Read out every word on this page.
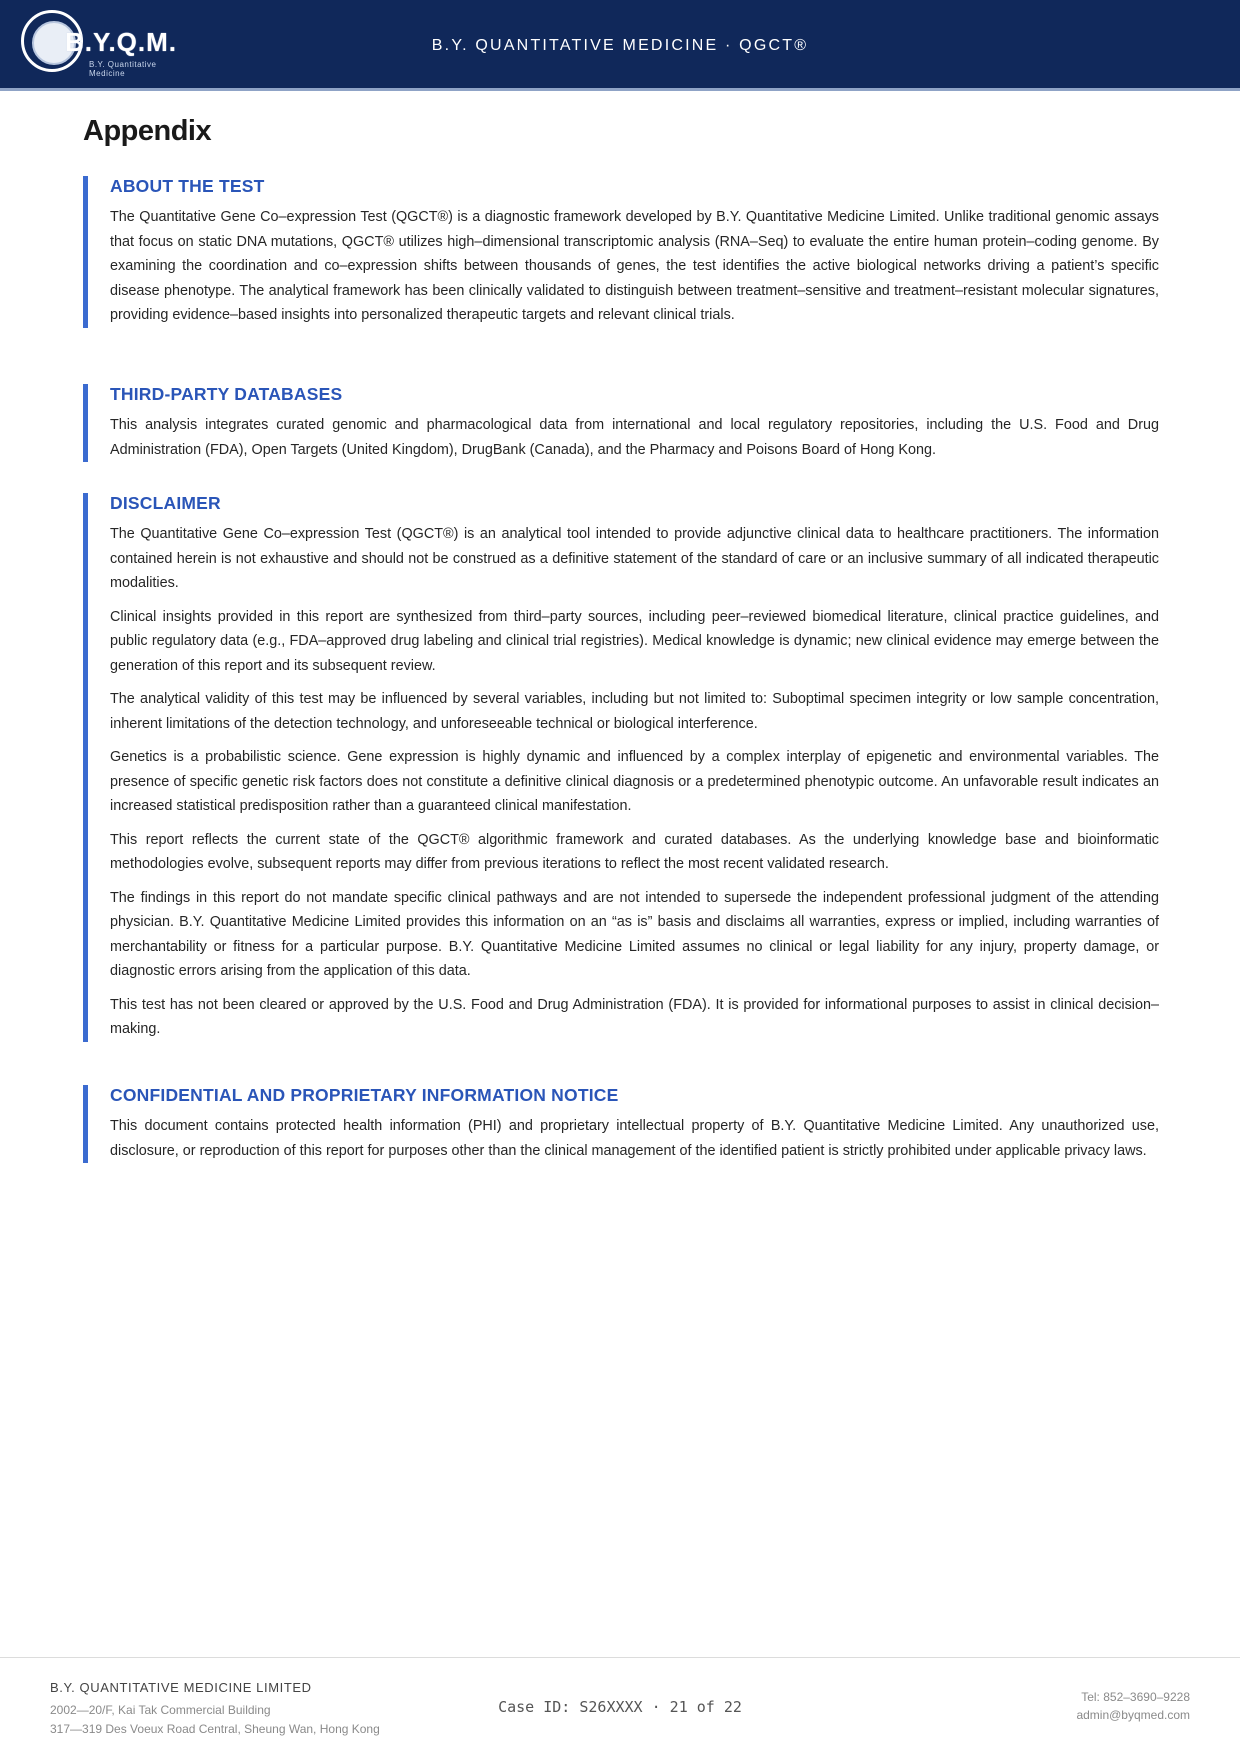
B.Y.Q.M.
B.Y. Quantitative Medicine
B.Y. QUANTITATIVE MEDICINE · QGCT®
Appendix
ABOUT THE TEST

The Quantitative Gene Co–expression Test (QGCT®) is a diagnostic framework developed by B.Y. Quantitative Medicine Limited. Unlike traditional genomic assays that focus on static DNA mutations, QGCT® utilizes high–dimensional transcriptomic analysis (RNA–Seq) to evaluate the entire human protein–coding genome. By examining the coordination and co–expression shifts between thousands of genes, the test identifies the active biological networks driving a patient’s specific disease phenotype. The analytical framework has been clinically validated to distinguish between treatment–sensitive and treatment–resistant molecular signatures, providing evidence–based insights into personalized therapeutic targets and relevant clinical trials.

THIRD-PARTY DATABASES

This analysis integrates curated genomic and pharmacological data from international and local regulatory repositories, including the U.S. Food and Drug Administration (FDA), Open Targets (United Kingdom), DrugBank (Canada), and the Pharmacy and Poisons Board of Hong Kong.

DISCLAIMER

The Quantitative Gene Co–expression Test (QGCT®) is an analytical tool intended to provide adjunctive clinical data to healthcare practitioners. The information contained herein is not exhaustive and should not be construed as a definitive statement of the standard of care or an inclusive summary of all indicated therapeutic modalities.

Clinical insights provided in this report are synthesized from third–party sources, including peer–reviewed biomedical literature, clinical practice guidelines, and public regulatory data (e.g., FDA–approved drug labeling and clinical trial registries). Medical knowledge is dynamic; new clinical evidence may emerge between the generation of this report and its subsequent review.

The analytical validity of this test may be influenced by several variables, including but not limited to: Suboptimal specimen integrity or low sample concentration, inherent limitations of the detection technology, and unforeseeable technical or biological interference.

Genetics is a probabilistic science. Gene expression is highly dynamic and influenced by a complex interplay of epigenetic and environmental variables. The presence of specific genetic risk factors does not constitute a definitive clinical diagnosis or a predetermined phenotypic outcome. An unfavorable result indicates an increased statistical predisposition rather than a guaranteed clinical manifestation.

This report reflects the current state of the QGCT® algorithmic framework and curated databases. As the underlying knowledge base and bioinformatic methodologies evolve, subsequent reports may differ from previous iterations to reflect the most recent validated research.

The findings in this report do not mandate specific clinical pathways and are not intended to supersede the independent professional judgment of the attending physician. B.Y. Quantitative Medicine Limited provides this information on an “as is” basis and disclaims all warranties, express or implied, including warranties of merchantability or fitness for a particular purpose. B.Y. Quantitative Medicine Limited assumes no clinical or legal liability for any injury, property damage, or diagnostic errors arising from the application of this data.

This test has not been cleared or approved by the U.S. Food and Drug Administration (FDA). It is provided for informational purposes to assist in clinical decision–making.

CONFIDENTIAL AND PROPRIETARY INFORMATION NOTICE

This document contains protected health information (PHI) and proprietary intellectual property of B.Y. Quantitative Medicine Limited. Any unauthorized use, disclosure, or reproduction of this report for purposes other than the clinical management of the identified patient is strictly prohibited under applicable privacy laws.

B.Y. QUANTITATIVE MEDICINE LIMITED
2002—20/F, Kai Tak Commercial Building
317—319 Des Voeux Road Central, Sheung Wan, Hong Kong
Case ID: S26XXXX · 21 of 22
Tel: 852–3690–9228
admin@byqmed.com
